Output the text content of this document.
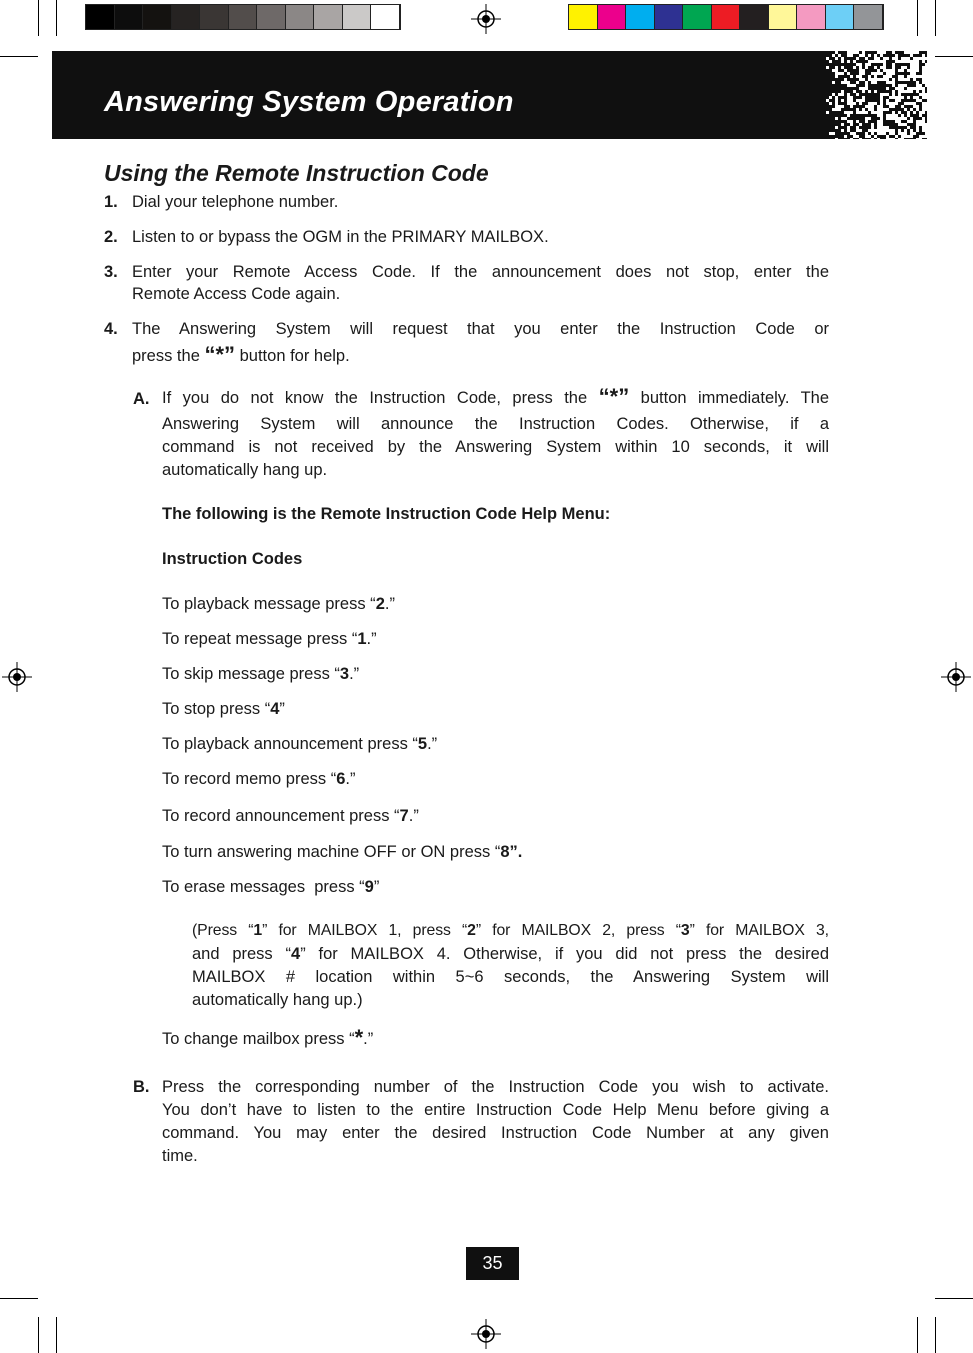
Answering System Operation
Using the Remote Instruction Code
1. Dial your telephone number.
2. Listen to or bypass the OGM in the PRIMARY MAILBOX.
3. Enter your Remote Access Code. If the announcement does not stop, enter the
Remote Access Code again.
4. The Answering System will request that you enter the Instruction Code or
press the “*” button for help.
A. If you do not know the Instruction Code, press the “*” button immediately. The
Answering System will announce the Instruction Codes. Otherwise, if a
command is not received by the Answering System within 10 seconds, it will
automatically hang up.
The following is the Remote Instruction Code Help Menu:
Instruction Codes
To playback message press “2.”
To repeat message press “1.”
To skip message press “3.”
To stop press “4”
To playback announcement press “5.”
To record memo press “6.”
To record announcement press “7.”
To turn answering machine OFF or ON press “8”.
To erase messages  press “9”
(Press “1” for MAILBOX 1, press “2” for MAILBOX 2, press “3” for MAILBOX 3,
and press “4” for MAILBOX 4. Otherwise, if you did not press the desired
MAILBOX # location within 5~6 seconds, the Answering System will
automatically hang up.)
To change mailbox press “*.”
B. Press the corresponding number of the Instruction Code you wish to activate.
You don’t have to listen to the entire Instruction Code Help Menu before giving a
command. You may enter the desired Instruction Code Number at any given
time.
35
